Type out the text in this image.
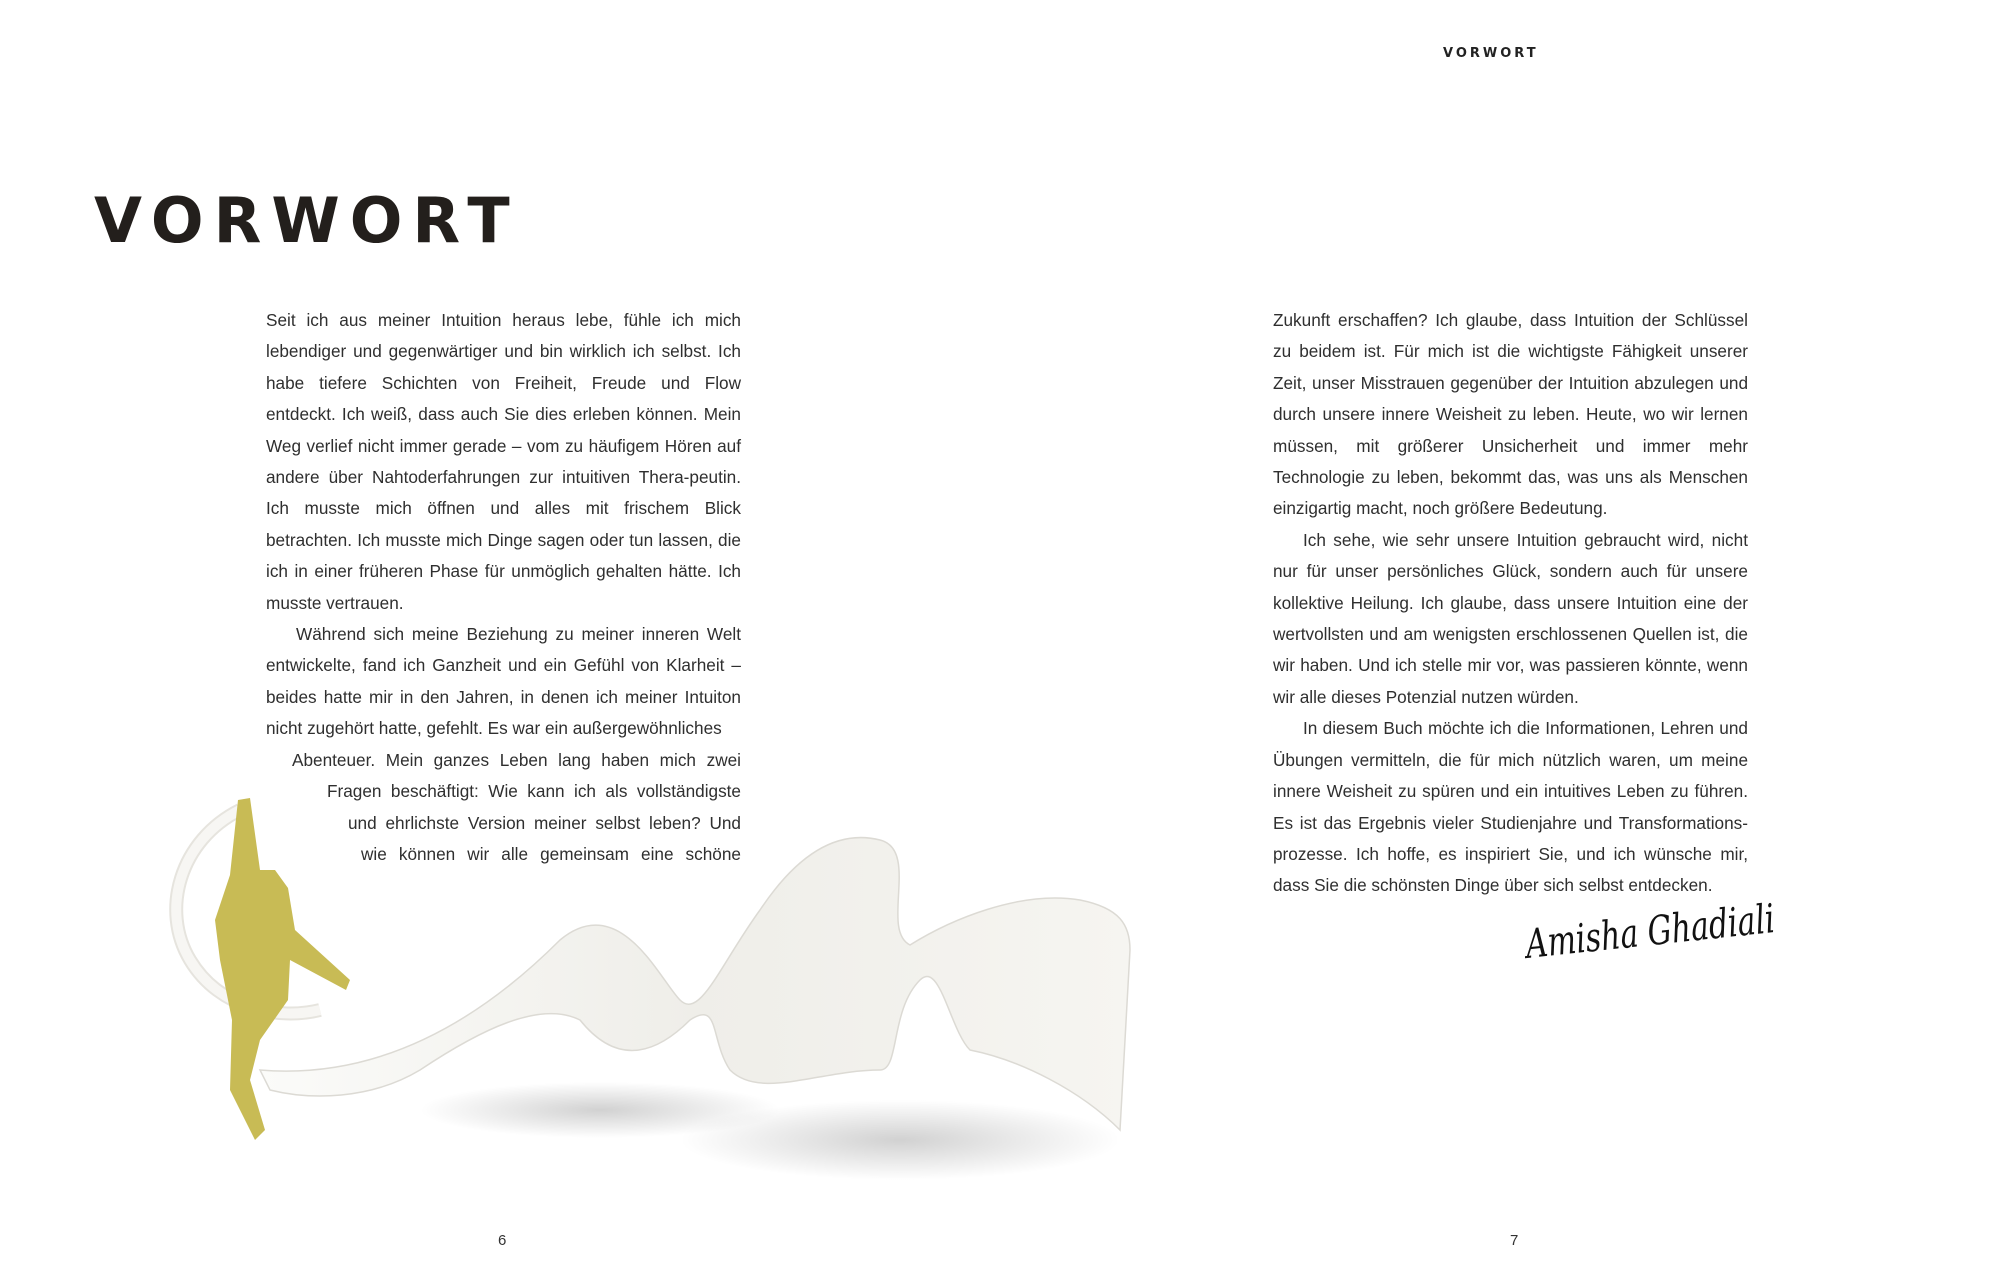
VORWORT
VORWORT

Seit ich aus meiner Intuition heraus lebe, fühle ich mich lebendiger und gegenwärtiger und bin wirklich ich selbst. Ich habe tiefere Schichten von Freiheit, Freude und Flow entdeckt. Ich weiß, dass auch Sie dies erleben können. Mein Weg verlief nicht immer gerade – vom zu häufigem Hören auf andere über Nahtoderfahrungen zur intuitiven Thera-peutin. Ich musste mich öffnen und alles mit frischem Blick betrachten. Ich musste mich Dinge sagen oder tun lassen, die ich in einer früheren Phase für unmöglich gehalten hätte. Ich musste vertrauen.

Während sich meine Beziehung zu meiner inneren Welt entwickelte, fand ich Ganzheit und ein Gefühl von Klarheit – beides hatte mir in den Jahren, in denen ich meiner Intuiton nicht zugehört hatte, gefehlt. Es war ein außergewöhnliches

Abenteuer. Mein ganzes Leben lang haben mich zwei
Fragen beschäftigt: Wie kann ich als vollständigste
und ehrlichste Version meiner selbst leben? Und
wie können wir alle gemeinsam eine schöne

Zukunft erschaffen? Ich glaube, dass Intuition der Schlüssel zu beidem ist. Für mich ist die wichtigste Fähigkeit unserer Zeit, unser Misstrauen gegenüber der Intuition abzulegen und durch unsere innere Weisheit zu leben. Heute, wo wir lernen müssen, mit größerer Unsicherheit und immer mehr Technologie zu leben, bekommt das, was uns als Menschen einzigartig macht, noch größere Bedeutung.

Ich sehe, wie sehr unsere Intuition gebraucht wird, nicht nur für unser persönliches Glück, sondern auch für unsere kollektive Heilung. Ich glaube, dass unsere Intuition eine der wertvollsten und am wenigsten erschlossenen Quellen ist, die wir haben. Und ich stelle mir vor, was passieren könnte, wenn wir alle dieses Potenzial nutzen würden.

In diesem Buch möchte ich die Informationen, Lehren und Übungen vermitteln, die für mich nützlich waren, um meine innere Weisheit zu spüren und ein intuitives Leben zu führen. Es ist das Ergebnis vieler Studienjahre und Transformations-prozesse. Ich hoffe, es inspiriert Sie, und ich wünsche mir, dass Sie die schönsten Dinge über sich selbst entdecken.

Amisha Ghadiali
6	7
